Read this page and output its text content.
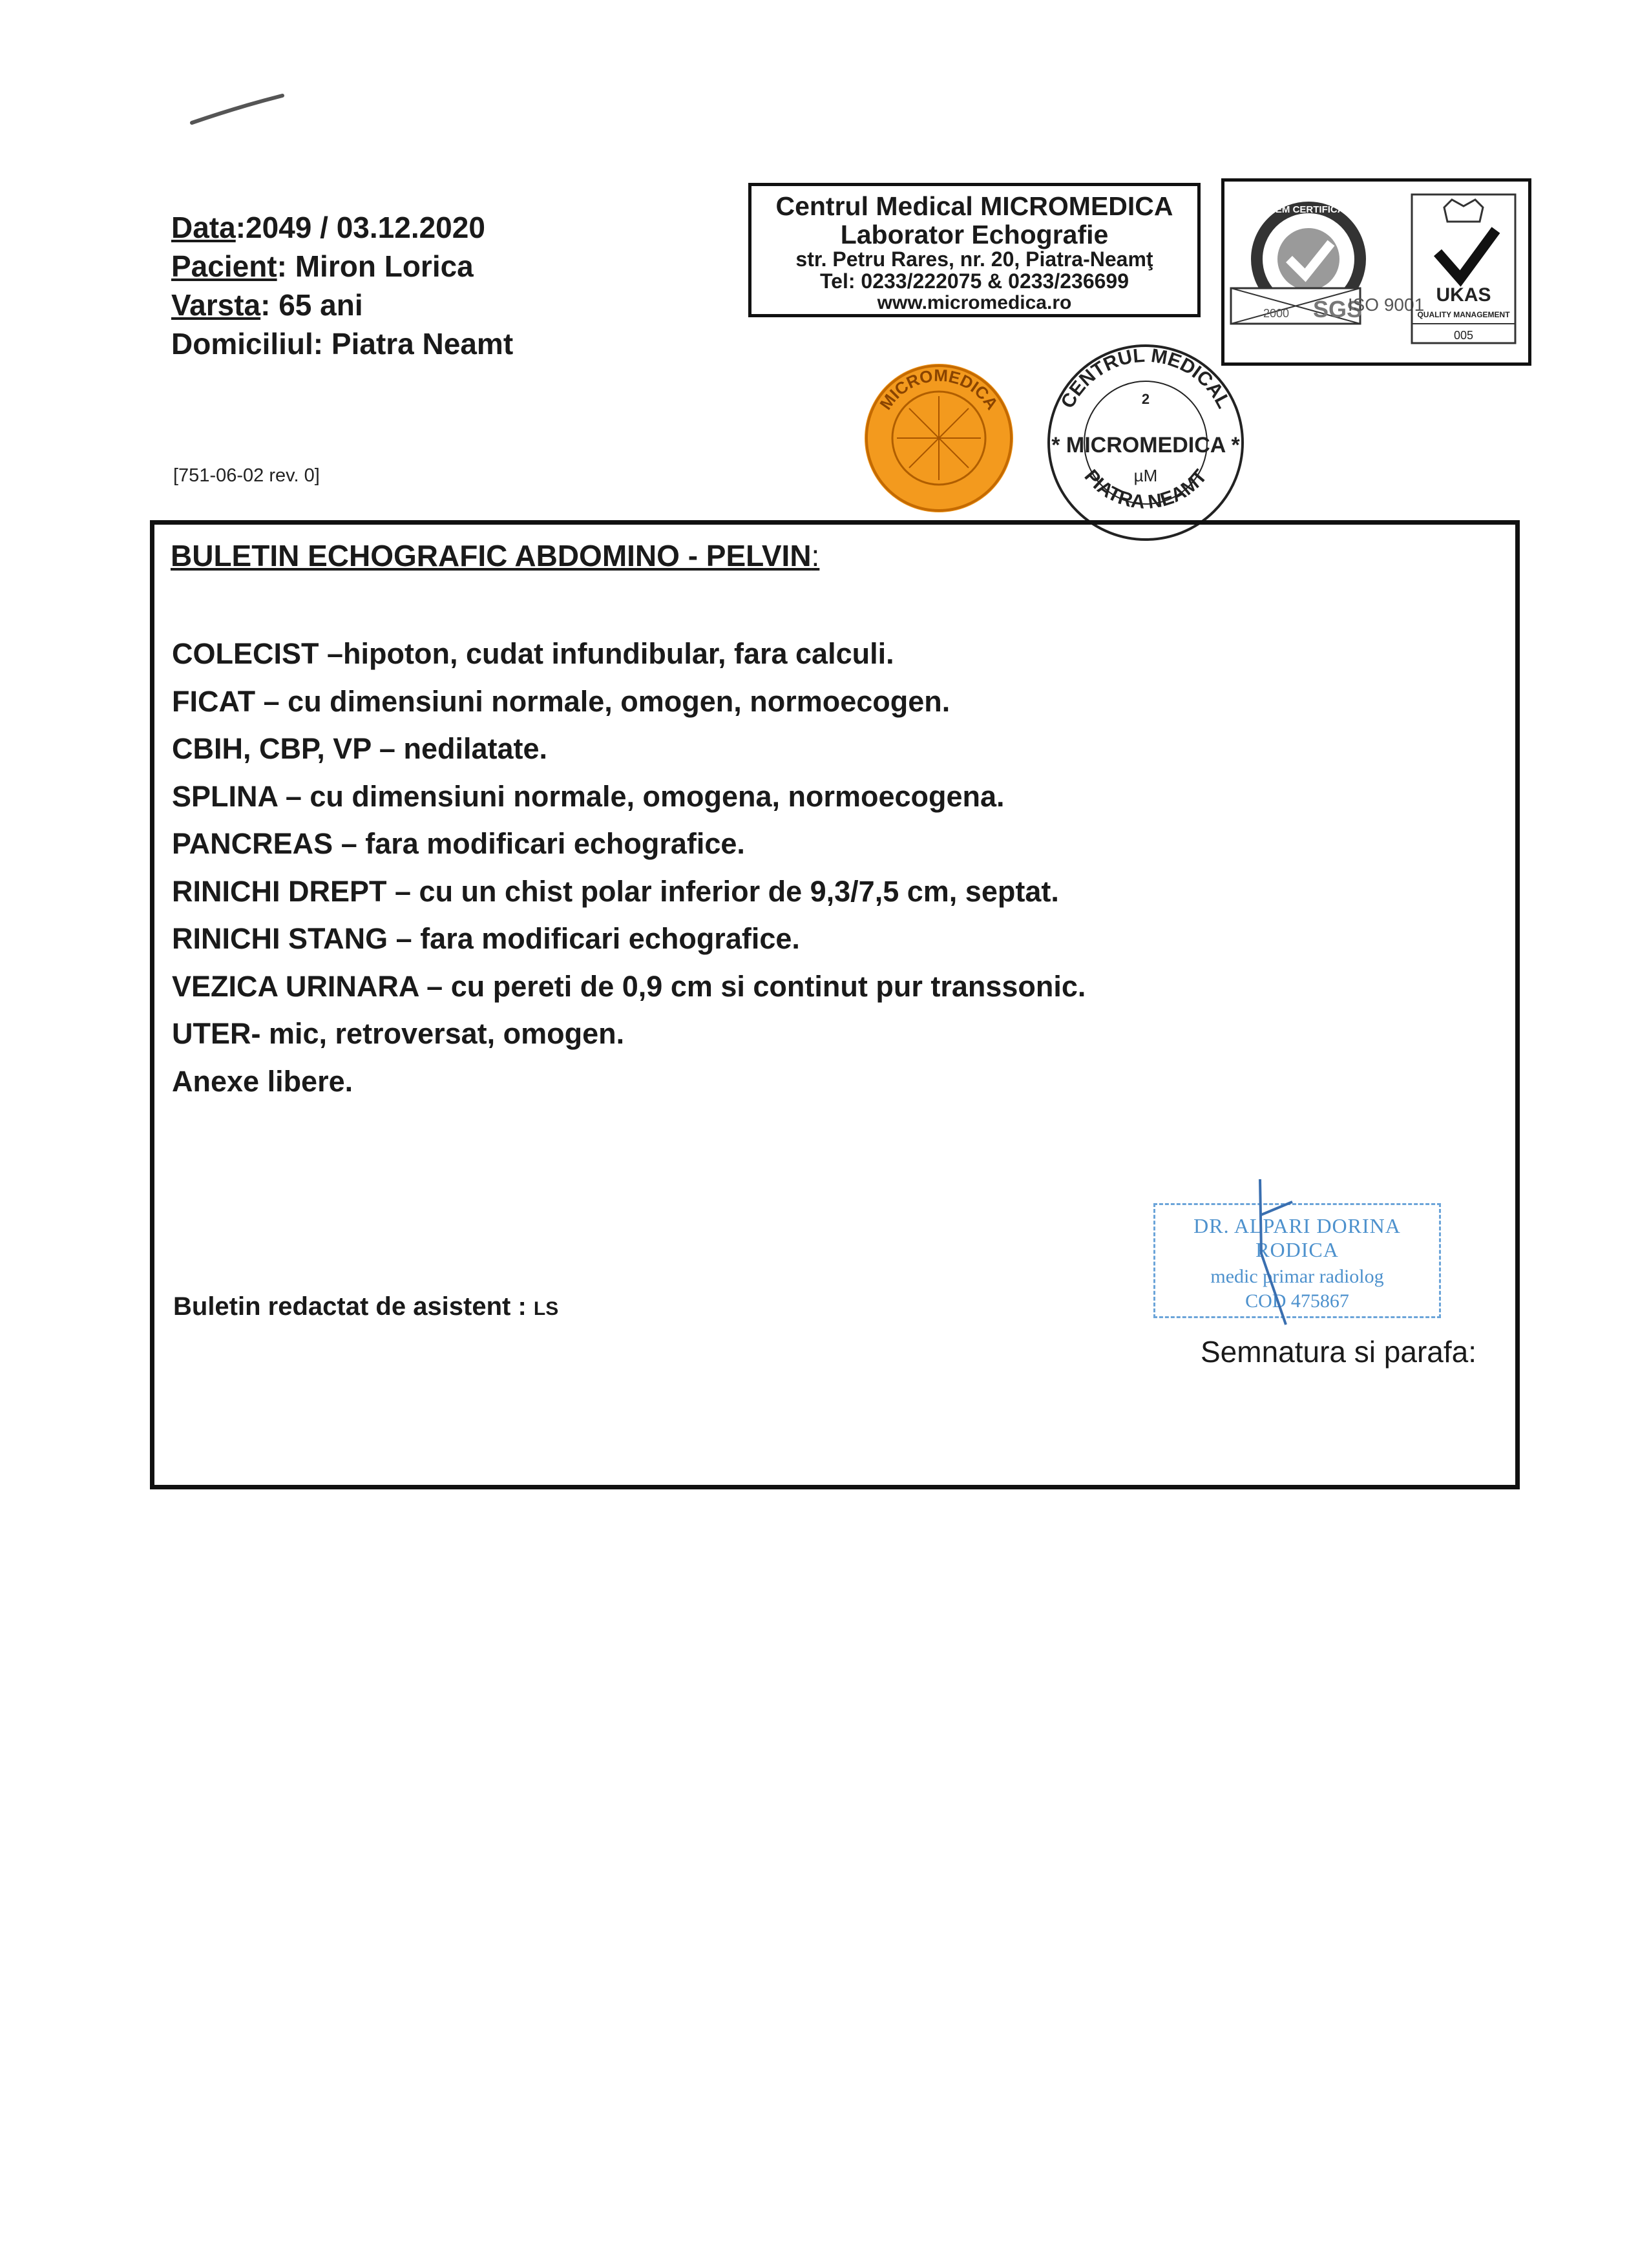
Data:2049 / 03.12.2020
Pacient: Miron Lorica
Varsta: 65 ani
Domiciliul: Piatra Neamt
[751-06-02 rev. 0]
Centrul Medical MICROMEDICA
Laborator Echografie
str. Petru Rares, nr. 20, Piatra-Neamţ
Tel: 0233/222075 & 0233/236699
www.micromedica.ro
SYSTEM CERTIFICATION
SGS
2000	ISO 9001 UKAS
QUALITY MANAGEMENT
005
MICROMEDICA	CENTRUL MEDICAL
PIATRA NEAMT
2
* MICROMEDICA *
µM
BULETIN ECHOGRAFIC ABDOMINO - PELVIN:
COLECIST –hipoton, cudat infundibular, fara calculi.
FICAT – cu dimensiuni normale, omogen, normoecogen.
CBIH, CBP, VP – nedilatate.
SPLINA – cu dimensiuni normale, omogena, normoecogena.
PANCREAS – fara modificari echografice.
RINICHI DREPT – cu un chist polar inferior de 9,3/7,5 cm, septat.
RINICHI STANG – fara modificari echografice.
VEZICA URINARA – cu pereti de 0,9 cm si continut pur transsonic.
UTER- mic, retroversat, omogen.
Anexe libere.
DR. ALPARI DORINA RODICA
medic primar radiolog
COD 475867
Buletin redactat de asistent : LS
Semnatura si parafa:
